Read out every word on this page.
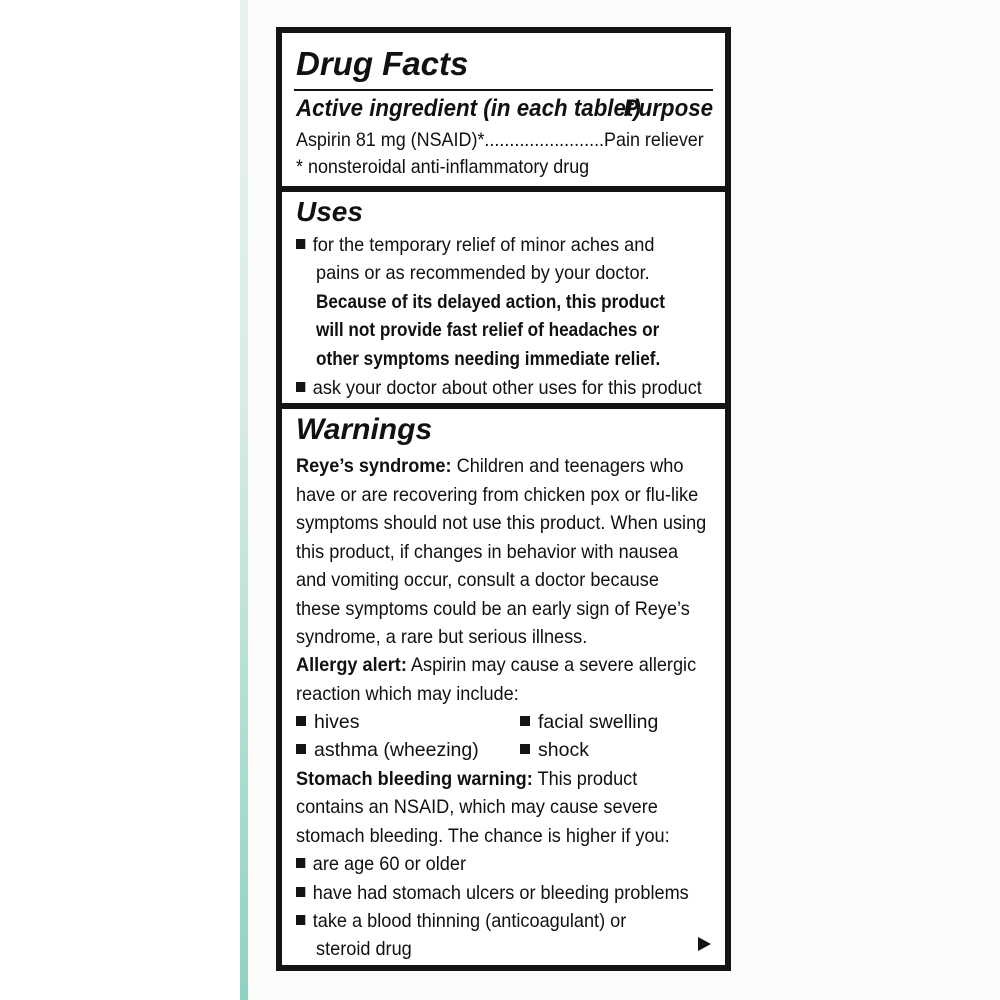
Drug Facts
Active ingredient (in each tablet)
Purpose
Aspirin 81 mg (NSAID)*........................Pain reliever
* nonsteroidal anti-inflammatory drug
Uses
for the temporary relief of minor aches and
pains or as recommended by your doctor.
Because of its delayed action, this product
will not provide fast relief of headaches or
other symptoms needing immediate relief.
ask your doctor about other uses for this product
Warnings
Reye’s syndrome: Children and teenagers who
have or are recovering from chicken pox or flu-like
symptoms should not use this product. When using
this product, if changes in behavior with nausea
and vomiting occur, consult a doctor because
these symptoms could be an early sign of Reye’s
syndrome, a rare but serious illness.
Allergy alert: Aspirin may cause a severe allergic
reaction which may include:
hives	facial swelling
asthma (wheezing)	shock
Stomach bleeding warning: This product
contains an NSAID, which may cause severe
stomach bleeding. The chance is higher if you:
are age 60 or older
have had stomach ulcers or bleeding problems
take a blood thinning (anticoagulant) or
steroid drug
